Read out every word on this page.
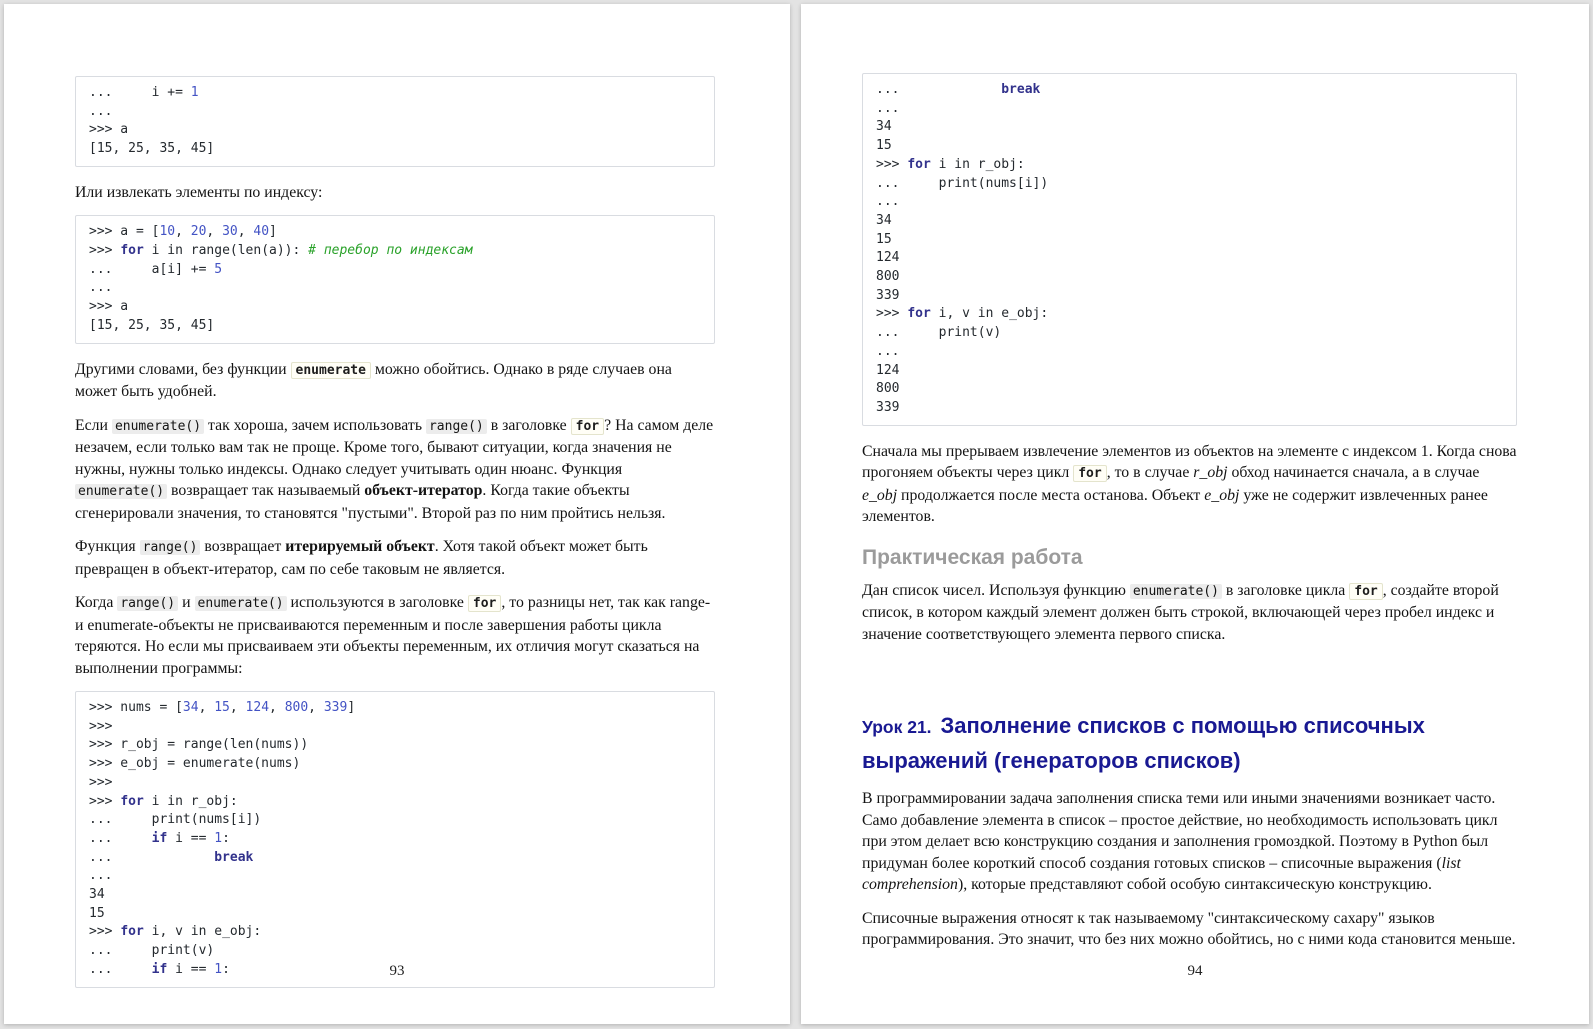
...     i += 1
...
>>> a
[15, 25, 35, 45]

Или извлекать элементы по индексу:

>>> a = [10, 20, 30, 40]
>>> for i in range(len(a)): # перебор по индексам
...     a[i] += 5
...
>>> a
[15, 25, 35, 45]

Другими словами, без функции enumerate можно обойтись. Однако в ряде случаев она может быть удобней.

Если enumerate() так хороша, зачем использовать range() в заголовке for ? На самом деле незачем, если только вам так не проще. Кроме того, бывают ситуации, когда значения не нужны, нужны только индексы. Однако следует учитывать один нюанс. Функция enumerate() возвращает так называемый объект-итератор. Когда такие объекты сгенерировали значения, то становятся "пустыми". Второй раз по ним пройтись нельзя.

Функция range() возвращает итерируемый объект. Хотя такой объект может быть превращен в объект-итератор, сам по себе таковым не является.

Когда range() и enumerate() используются в заголовке for , то разницы нет, так как range- и enumerate-объекты не присваиваются переменным и после завершения работы цикла теряются. Но если мы присваиваем эти объекты переменным, их отличия могут сказаться на выполнении программы:

>>> nums = [34, 15, 124, 800, 339]
>>>
>>> r_obj = range(len(nums))
>>> e_obj = enumerate(nums)
>>>
>>> for i in r_obj:
...     print(nums[i])
...     if i == 1:
...             break
...
34
15
>>> for i, v in e_obj:
...     print(v)
...     if i == 1:	93
...             break
...
34
15
>>> for i in r_obj:
...     print(nums[i])
...
34
15
124
800
339
>>> for i, v in e_obj:
...     print(v)
...
124
800
339

Сначала мы прерываем извлечение элементов из объектов на элементе с индексом 1. Когда снова прогоняем объекты через цикл for , то в случае r_obj обход начинается сначала, а в случае e_obj продолжается после места останова. Объект e_obj уже не содержит извлеченных ранее элементов.

Практическая работа

Дан список чисел. Используя функцию enumerate() в заголовке цикла for , создайте второй список, в котором каждый элемент должен быть строкой, включающей через пробел индекс и значение соответствующего элемента первого списка.

Урок 21. Заполнение списков с помощью списочных выражений (генераторов списков)

В программировании задача заполнения списка теми или иными значениями возникает часто. Само добавление элемента в список – простое действие, но необходимость использовать цикл при этом делает всю конструкцию создания и заполнения громоздкой. Поэтому в Python был придуман более короткий способ создания готовых списков – списочные выражения (list comprehension), которые представляют собой особую синтаксическую конструкцию.

Списочные выражения относят к так называемому "синтаксическому сахару" языков программирования. Это значит, что без них можно обойтись, но с ними кода становится меньше.

94
